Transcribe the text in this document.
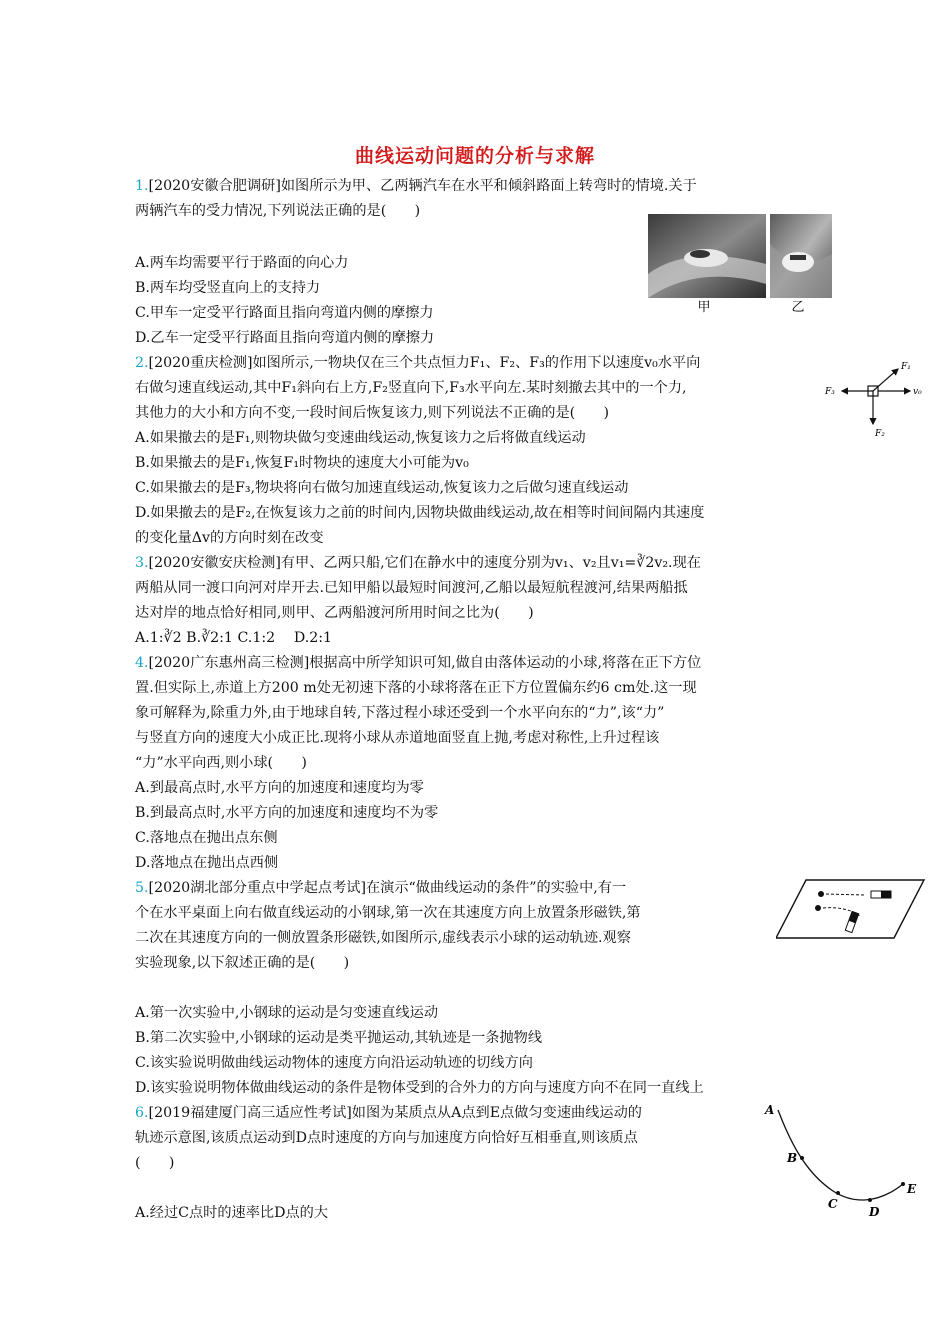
曲线运动问题的分析与求解
1.[2020安徽合肥调研]如图所示为甲、乙两辆汽车在水平和倾斜路面上转弯时的情境.关于
两辆汽车的受力情况,下列说法正确的是(　　)
A.两车均需要平行于路面的向心力
B.两车均受竖直向上的支持力
C.甲车一定受平行路面且指向弯道内侧的摩擦力
D.乙车一定受平行路面且指向弯道内侧的摩擦力
甲	乙
2.[2020重庆检测]如图所示,一物块仅在三个共点恒力F₁、F₂、F₃的作用下以速度v₀水平向
右做匀速直线运动,其中F₁斜向右上方,F₂竖直向下,F₃水平向左.某时刻撤去其中的一个力,
其他力的大小和方向不变,一段时间后恢复该力,则下列说法不正确的是(　　)
A.如果撤去的是F₁,则物块做匀变速曲线运动,恢复该力之后将做直线运动
B.如果撤去的是F₁,恢复F₁时物块的速度大小可能为v₀
C.如果撤去的是F₃,物块将向右做匀加速直线运动,恢复该力之后做匀速直线运动
D.如果撤去的是F₂,在恢复该力之前的时间内,因物块做曲线运动,故在相等时间间隔内其速度
的变化量Δv的方向时刻在改变
F₁
F₂
F₃	v₀
3.[2020安徽安庆检测]有甲、乙两只船,它们在静水中的速度分别为v₁、v₂且v₁=∛2v₂.现在
两船从同一渡口向河对岸开去.已知甲船以最短时间渡河,乙船以最短航程渡河,结果两船抵
达对岸的地点恰好相同,则甲、乙两船渡河所用时间之比为(　　)
A.1:∛2 B.∛2:1 C.1:2　 D.2:1
4.[2020广东惠州高三检测]根据高中所学知识可知,做自由落体运动的小球,将落在正下方位
置.但实际上,赤道上方200 m处无初速下落的小球将落在正下方位置偏东约6 cm处.这一现
象可解释为,除重力外,由于地球自转,下落过程小球还受到一个水平向东的“力”,该“力”
与竖直方向的速度大小成正比.现将小球从赤道地面竖直上抛,考虑对称性,上升过程该
“力”水平向西,则小球(　　)
A.到最高点时,水平方向的加速度和速度均为零
B.到最高点时,水平方向的加速度和速度均不为零
C.落地点在抛出点东侧
D.落地点在抛出点西侧
5.[2020湖北部分重点中学起点考试]在演示“做曲线运动的条件”的实验中,有一
个在水平桌面上向右做直线运动的小钢球,第一次在其速度方向上放置条形磁铁,第
二次在其速度方向的一侧放置条形磁铁,如图所示,虚线表示小球的运动轨迹.观察
实验现象,以下叙述正确的是(　　)
A.第一次实验中,小钢球的运动是匀变速直线运动
B.第二次实验中,小钢球的运动是类平抛运动,其轨迹是一条抛物线
C.该实验说明做曲线运动物体的速度方向沿运动轨迹的切线方向
D.该实验说明物体做曲线运动的条件是物体受到的合外力的方向与速度方向不在同一直线上
6.[2019福建厦门高三适应性考试]如图为某质点从A点到E点做匀变速曲线运动的
轨迹示意图,该质点运动到D点时速度的方向与加速度方向恰好互相垂直,则该质点
(　　)
A.经过C点时的速率比D点的大
A
B
C
D
E
